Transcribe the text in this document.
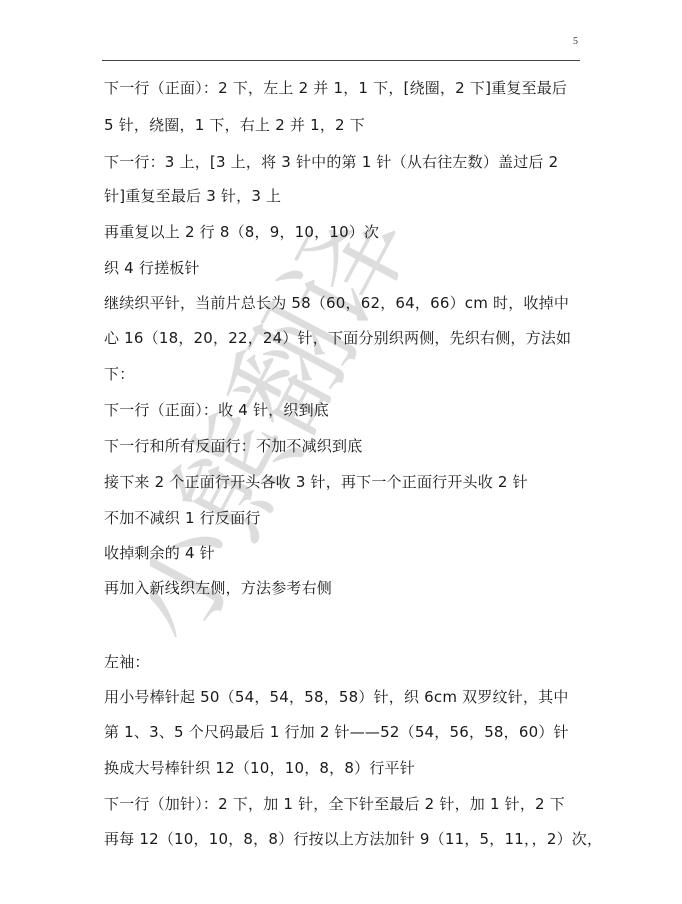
5
小熊翻译
下一行（正面）：2 下，左上 2 并 1，1 下，[绕圈，2 下]重复至最后
5 针，绕圈，1 下，右上 2 并 1，2 下
下一行：3 上，[3 上，将 3 针中的第 1 针（从右往左数）盖过后 2
针]重复至最后 3 针，3 上
再重复以上 2 行 8（8，9，10，10）次
织 4 行搓板针
继续织平针，当前片总长为 58（60，62，64，66）cm 时，收掉中
心 16（18，20，22，24）针，下面分别织两侧，先织右侧，方法如
下：
下一行（正面）：收 4 针，织到底
下一行和所有反面行：不加不减织到底
接下来 2 个正面行开头各收 3 针，再下一个正面行开头收 2 针
不加不减织 1 行反面行
收掉剩余的 4 针
再加入新线织左侧，方法参考右侧
左袖：
用小号棒针起 50（54，54，58，58）针，织 6cm 双罗纹针，其中
第 1、3、5 个尺码最后 1 行加 2 针——52（54，56，58，60）针
换成大号棒针织 12（10，10，8，8）行平针
下一行（加针）：2 下，加 1 针，全下针至最后 2 针，加 1 针，2 下
再每 12（10，10，8，8）行按以上方法加针 9（11，5，11，，2）次，
